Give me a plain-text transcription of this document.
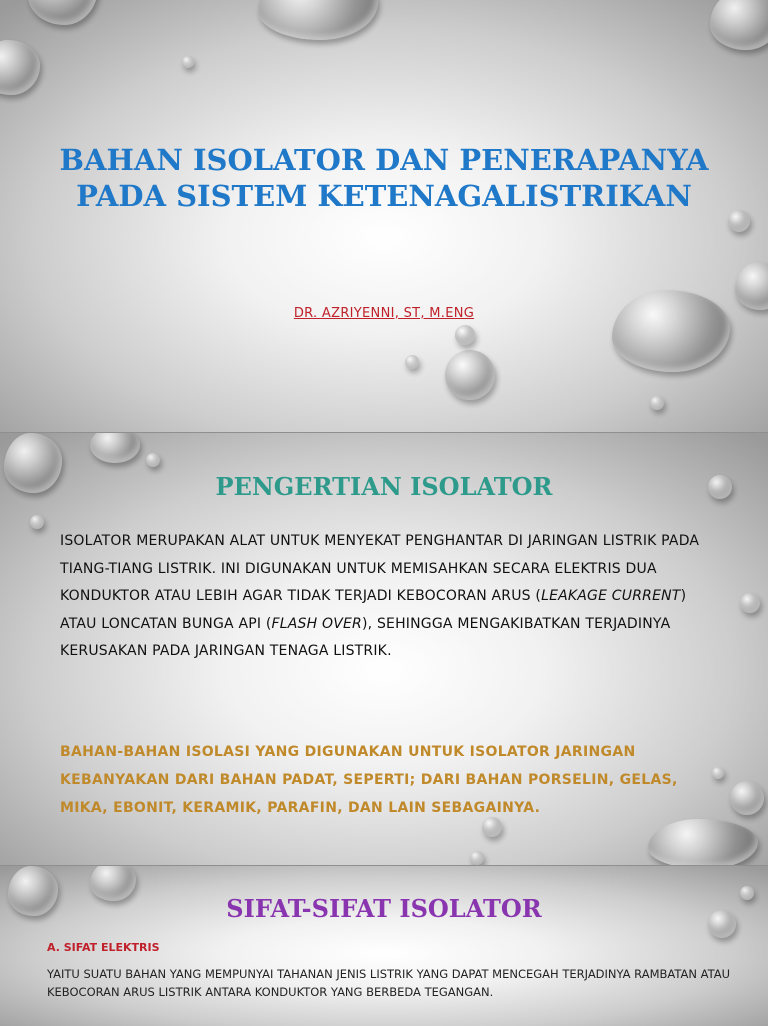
BAHAN ISOLATOR DAN PENERAPANYA
PADA SISTEM KETENAGALISTRIKAN
DR. AZRIYENNI, ST, M.ENG
PENGERTIAN ISOLATOR

ISOLATOR MERUPAKAN ALAT UNTUK MENYEKAT PENGHANTAR DI JARINGAN LISTRIK PADA TIANG-TIANG LISTRIK. INI DIGUNAKAN UNTUK MEMISAHKAN SECARA ELEKTRIS DUA KONDUKTOR ATAU LEBIH AGAR TIDAK TERJADI KEBOCORAN ARUS (LEAKAGE CURRENT) ATAU LONCATAN BUNGA API (FLASH OVER), SEHINGGA MENGAKIBATKAN TERJADINYA KERUSAKAN PADA JARINGAN TENAGA LISTRIK.

BAHAN-BAHAN ISOLASI YANG DIGUNAKAN UNTUK ISOLATOR JARINGAN KEBANYAKAN DARI BAHAN PADAT, SEPERTI; DARI BAHAN PORSELIN, GELAS, MIKA, EBONIT, KERAMIK, PARAFIN, DAN LAIN SEBAGAINYA.

SIFAT-SIFAT ISOLATOR
A. SIFAT ELEKTRIS

YAITU SUATU BAHAN YANG MEMPUNYAI TAHANAN JENIS LISTRIK YANG DAPAT MENCEGAH TERJADINYA RAMBATAN ATAU KEBOCORAN ARUS LISTRIK ANTARA KONDUKTOR YANG BERBEDA TEGANGAN.
